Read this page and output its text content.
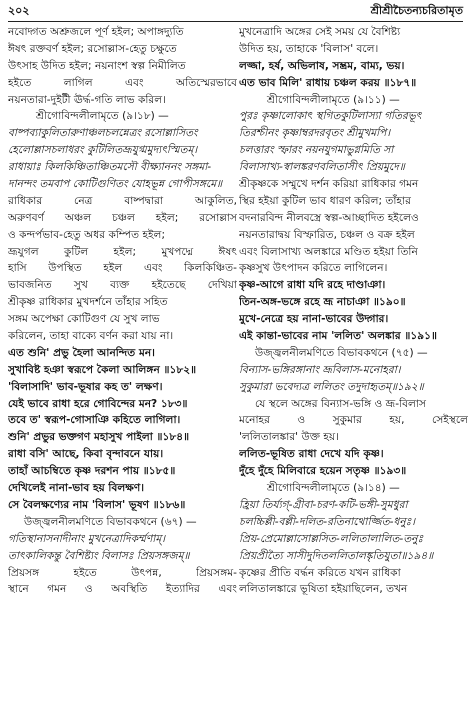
২০২	শ্রীশ্রীচৈতন্যচরিতামৃত
নবোদ্গত অশ্রুজলে পূর্ণ হইল; অপাঙ্গদ্যুতি
ঈষৎ রক্তবর্ণ হইল; রসোল্লাস-হেতু চক্ষুতে
উৎসাহ উদিত হইল; নয়নাংশ স্বল্প নিমীলিত
হইতে	লাগিল	এবং	অতিস্মেরভাবে
নয়নতারা-দুইটী ঊর্দ্ধ-গতি লাভ করিল।
শ্রীগোবিন্দলীলামৃতে (৯।১৮) —
বাষ্পব্যাকুলিতারুণাঞ্চলচলন্নেত্রং রসোল্লাসিতং
হেলোল্লাসচলাধরং কুটিলিতভ্রূযুগ্মমুদ্যৎস্মিতম্।
রাধায়াঃ কিলকিঞ্চিতাঞ্চিতমসৌ বীক্ষ্যাননং সঙ্গমা-
দানন্দং তমবাপ কোটিগুণিতং যোহভূন্ন গোপীসঙ্গমে॥
রাধিকার	নেত্র	বাষ্পদ্বারা	আকুলিত,
অরুণবর্ণ অঞ্চল চঞ্চল হইল; রসোল্লাস
ও কন্দর্পভাব-হেতু অধর কম্পিত হইল;
ভ্রূযুগল কুটিল হইল; মুখপদ্মে ঈষৎ
হাসি উপস্থিত হইল এবং কিলকিঞ্চিত-
ভাবজনিত সুখ ব্যক্ত হইতেছে দেখিয়া
শ্রীকৃষ্ণ রাধিকার মুখদর্শনে তাঁহার সহিত
সঙ্গম অপেক্ষা কোটিগুণ যে সুখ লাভ
করিলেন, তাহা বাক্যে বর্ণন করা যায় না।
এত শুনি' প্রভু হৈলা আনন্দিত মন।
সুখাবিষ্ট হঞা স্বরূপে কৈলা আলিঙ্গন ॥১৮২॥
'বিলাসাদি' ভাব-ভূষার কহ ত' লক্ষণ।
যেই ভাবে রাধা হরে গোবিন্দের মন? ১৮৩॥
তবে ত' স্বরূপ-গোসাঞি কহিতে লাগিলা।
শুনি' প্রভুর ভক্তগণ মহাসুখ পাইলা ॥১৮৪॥
রাধা বসি' আছে, কিবা বৃন্দাবনে যায়।
তাহাঁ আচম্বিতে কৃষ্ণ দরশন পায় ॥১৮৫॥
দেখিলেই নানা-ভাব হয় বিলক্ষণ।
সে বৈলক্ষণ্যের নাম 'বিলাস' ভূষণ ॥১৮৬॥
উজ্জ্বলনীলমণিতে বিভাবকথনে (৬৭) —
গতিস্থানাসনাদীনাং মুখনেত্রাদিকর্ম্মণাম্।
তাৎকালিকন্তু বৈশিষ্ট্যং বিলাসঃ প্রিয়সঙ্গজম্॥
প্রিয়সঙ্গ	হইতে	উৎপন্ন,	প্রিয়সঙ্গম-
স্থানে গমন ও অবস্থিতি ইত্যাদির এবং
মুখনেত্রাদি অঙ্গের সেই সময় যে বৈশিষ্ট্য
উদিত হয়, তাহাকে 'বিলাস' বলে।
লজ্জা, হর্ষ, অভিলাষ, সম্ভ্রম, বাম্য, ভয়।
এত ভাব মিলি' রাধায় চঞ্চল করয় ॥১৮৭॥
শ্রীগোবিন্দলীলামৃতে (৯।১১) —
পুরঃ কৃষ্ণালোকাৎ স্থগিতকুটিলাস্যা গতিরভূৎ
তিরশ্চীনং কৃষ্ণাম্বরদরবৃতং শ্রীমুখমপি।
চলত্তারং স্ফারং নয়নযুগমাভুগ্নমিতি সা
বিলাসাখ্য-স্বালঙ্করণবলিতাসীৎ প্রিয়মুদে॥
শ্রীকৃষ্ণকে সম্মুখে দর্শন করিয়া রাধিকার গমন
স্থির হইয়া কুটিল ভাব ধারণ করিল; তাঁহার
বদনারবিন্দ নীলবস্ত্রে স্বল্প-আচ্ছাদিত হইলেও
নয়নতারাদ্বয় বিস্ফারিত, চঞ্চল ও বক্র হইল
এবং বিলাসাখ্য অলঙ্কারে মণ্ডিত হইয়া তিনি
কৃষ্ণসুখ উৎপাদন করিতে লাগিলেন।
কৃষ্ণ-আগে রাধা যদি রহে দাণ্ডাঞা।
তিন-অঙ্গ-ভঙ্গে রহে ভ্রূ নাচাঞা ॥১৯০॥
মুখে-নেত্রে হয় নানা-ভাবের উদ্গার।
এই কান্তা-ভাবের নাম 'ললিত' অলঙ্কার ॥১৯১॥
উজ্জ্বলনীলমণিতে বিভাবকথনে (৭৫) —
বিন্যাস-ভঙ্গিরঙ্গানাং ভ্রূবিলাস-মনোহরা।
সুকুমারা ভবেদ্যত্র ললিতং তদুদাহৃতম্॥১৯২॥
যে স্থলে অঙ্গের বিন্যাস-ভঙ্গি ও ভ্রূ-বিলাস
মনোহর	ও	সুকুমার	হয়,	সেইস্থলে
'ললিতালঙ্কার' উক্ত হয়।
ললিত-ভূষিত রাধা দেখে যদি কৃষ্ণ।
দুঁহে দুঁহে মিলিবারে হয়েন সতৃষ্ণ ॥১৯৩॥
শ্রীগোবিন্দলীলামৃতে (৯।১৪) —
হ্রিয়া তির্য্যগ্-গ্রীবা-চরণ-কটি-ভঙ্গী-সুমধুরা
চলচ্চিল্লী-বল্লী-দলিত-রতিনাথোর্জ্জিত-ধনুঃ।
প্রিয়-প্রেমোল্লাসোল্লসিত-ললিতালালিত-তনুঃ
প্রিয়প্রীত্যৈ সাসীদুদিতললিতালঙ্কৃতিযুতা॥১৯৪॥
কৃষ্ণের প্রীতি বর্দ্ধন করিতে যখন রাধিকা
ললিতালঙ্কারে ভূষিতা হইয়াছিলেন, তখন
